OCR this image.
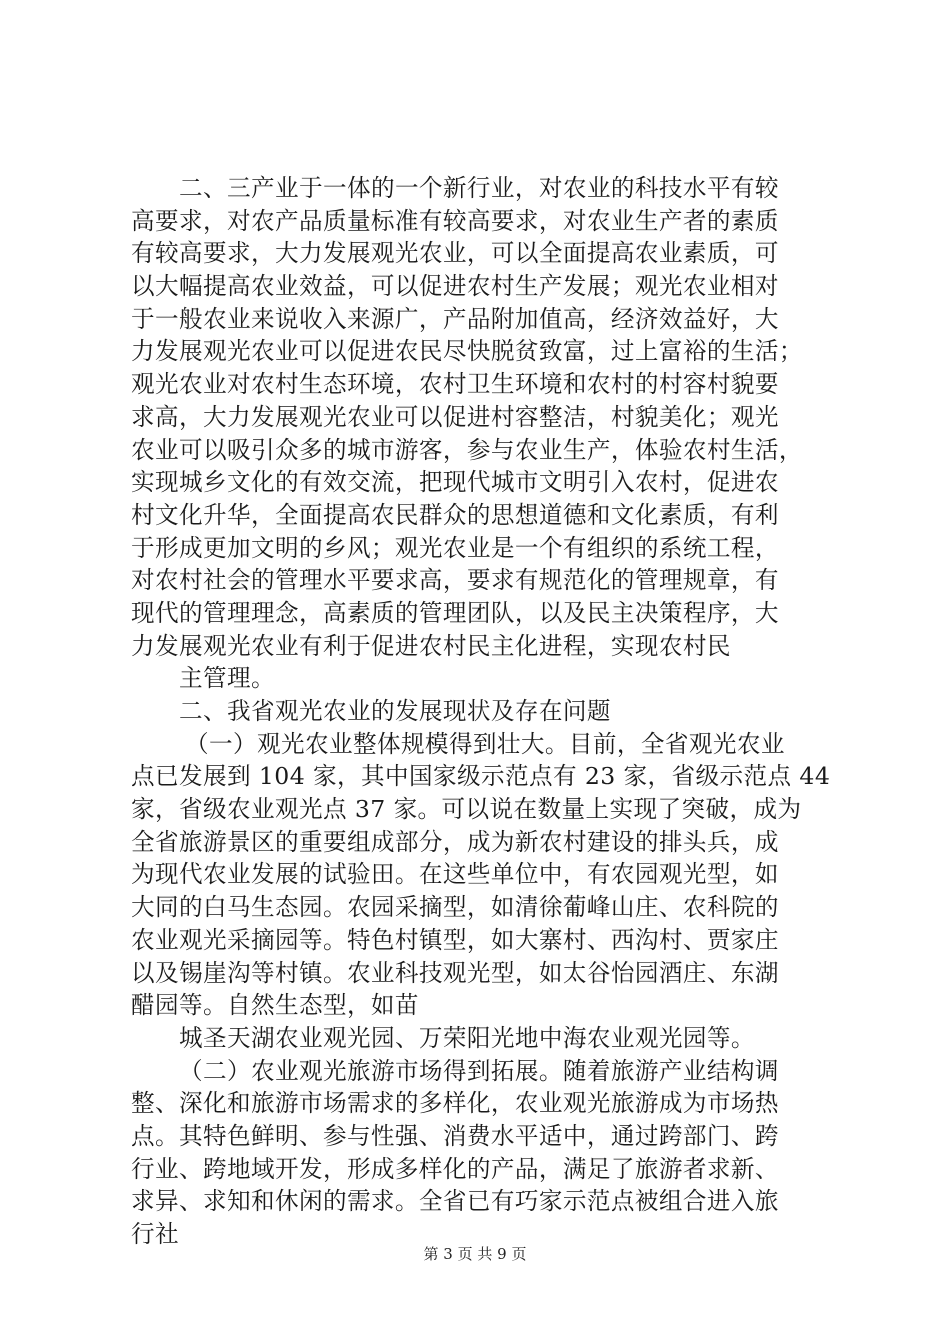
二、三产业于一体的一个新行业，对农业的科技水平有较
高要求，对农产品质量标准有较高要求，对农业生产者的素质
有较高要求，大力发展观光农业，可以全面提高农业素质，可
以大幅提高农业效益，可以促进农村生产发展；观光农业相对
于一般农业来说收入来源广，产品附加值高，经济效益好，大
力发展观光农业可以促进农民尽快脱贫致富，过上富裕的生活；
观光农业对农村生态环境，农村卫生环境和农村的村容村貌要
求高，大力发展观光农业可以促进村容整洁，村貌美化；观光
农业可以吸引众多的城市游客，参与农业生产，体验农村生活，
实现城乡文化的有效交流，把现代城市文明引入农村，促进农
村文化升华，全面提高农民群众的思想道德和文化素质，有利
于形成更加文明的乡风；观光农业是一个有组织的系统工程，
对农村社会的管理水平要求高，要求有规范化的管理规章，有
现代的管理理念，高素质的管理团队，以及民主决策程序，大
力发展观光农业有利于促进农村民主化进程，实现农村民
主管理。
二、我省观光农业的发展现状及存在问题
（一）观光农业整体规模得到壮大。目前，全省观光农业
点已发展到 104 家，其中国家级示范点有 23 家，省级示范点 44
家，省级农业观光点 37 家。可以说在数量上实现了突破，成为
全省旅游景区的重要组成部分，成为新农村建设的排头兵，成
为现代农业发展的试验田。在这些单位中，有农园观光型，如
大同的白马生态园。农园采摘型，如清徐葡峰山庄、农科院的
农业观光采摘园等。特色村镇型，如大寨村、西沟村、贾家庄
以及锡崖沟等村镇。农业科技观光型，如太谷怡园酒庄、东湖
醋园等。自然生态型，如苗
城圣天湖农业观光园、万荣阳光地中海农业观光园等。
（二）农业观光旅游市场得到拓展。随着旅游产业结构调
整、深化和旅游市场需求的多样化，农业观光旅游成为市场热
点。其特色鲜明、参与性强、消费水平适中，通过跨部门、跨
行业、跨地域开发，形成多样化的产品，满足了旅游者求新、
求异、求知和休闲的需求。全省已有巧家示范点被组合进入旅
行社
第 3 页 共 9 页
